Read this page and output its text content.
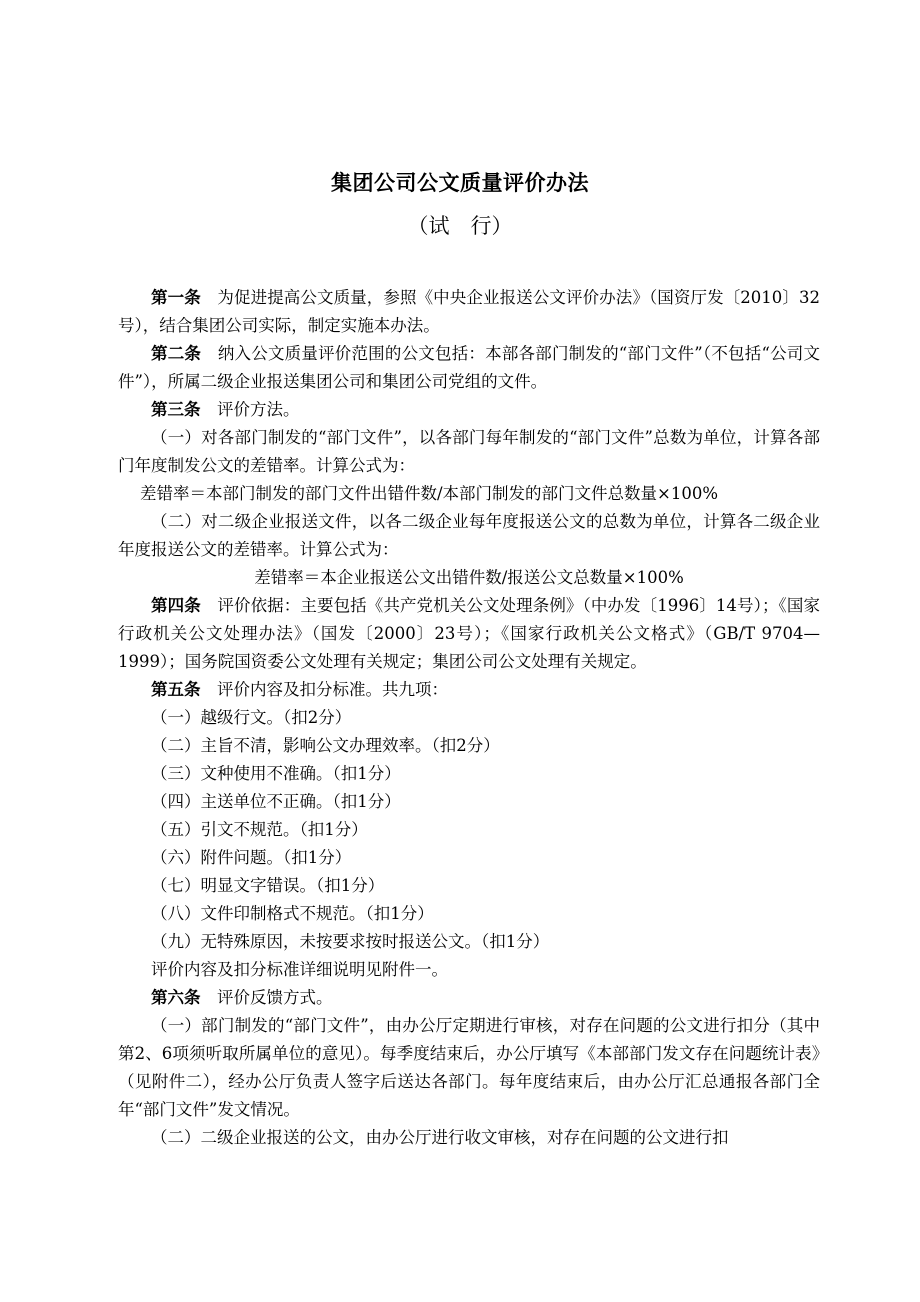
集团公司公文质量评价办法
（试　行）

第一条 为促进提高公文质量，参照《中央企业报送公文评价办法》（国资厅发〔2010〕32号），结合集团公司实际，制定实施本办法。

第二条 纳入公文质量评价范围的公文包括：本部各部门制发的“部门文件”（不包括“公司文件”），所属二级企业报送集团公司和集团公司党组的文件。

第三条 评价方法。

（一）对各部门制发的“部门文件”，以各部门每年制发的“部门文件”总数为单位，计算各部门年度制发公文的差错率。计算公式为：

差错率＝本部门制发的部门文件出错件数/本部门制发的部门文件总数量×100%

（二）对二级企业报送文件，以各二级企业每年度报送公文的总数为单位，计算各二级企业年度报送公文的差错率。计算公式为：

差错率＝本企业报送公文出错件数/报送公文总数量×100%

第四条 评价依据：主要包括《共产党机关公文处理条例》（中办发〔1996〕14号）；《国家行政机关公文处理办法》（国发〔2000〕23号）；《国家行政机关公文格式》（GB/T 9704—1999）；国务院国资委公文处理有关规定；集团公司公文处理有关规定。

第五条 评价内容及扣分标准。共九项：

（一）越级行文。（扣2分）

（二）主旨不清，影响公文办理效率。（扣2分）

（三）文种使用不准确。（扣1分）

（四）主送单位不正确。（扣1分）

（五）引文不规范。（扣1分）

（六）附件问题。（扣1分）

（七）明显文字错误。（扣1分）

（八）文件印制格式不规范。（扣1分）

（九）无特殊原因，未按要求按时报送公文。（扣1分）

评价内容及扣分标准详细说明见附件一。

第六条 评价反馈方式。

（一）部门制发的“部门文件”，由办公厅定期进行审核，对存在问题的公文进行扣分（其中第2、6项须听取所属单位的意见）。每季度结束后，办公厅填写《本部部门发文存在问题统计表》（见附件二），经办公厅负责人签字后送达各部门。每年度结束后，由办公厅汇总通报各部门全年“部门文件”发文情况。

（二）二级企业报送的公文，由办公厅进行收文审核，对存在问题的公文进行扣
